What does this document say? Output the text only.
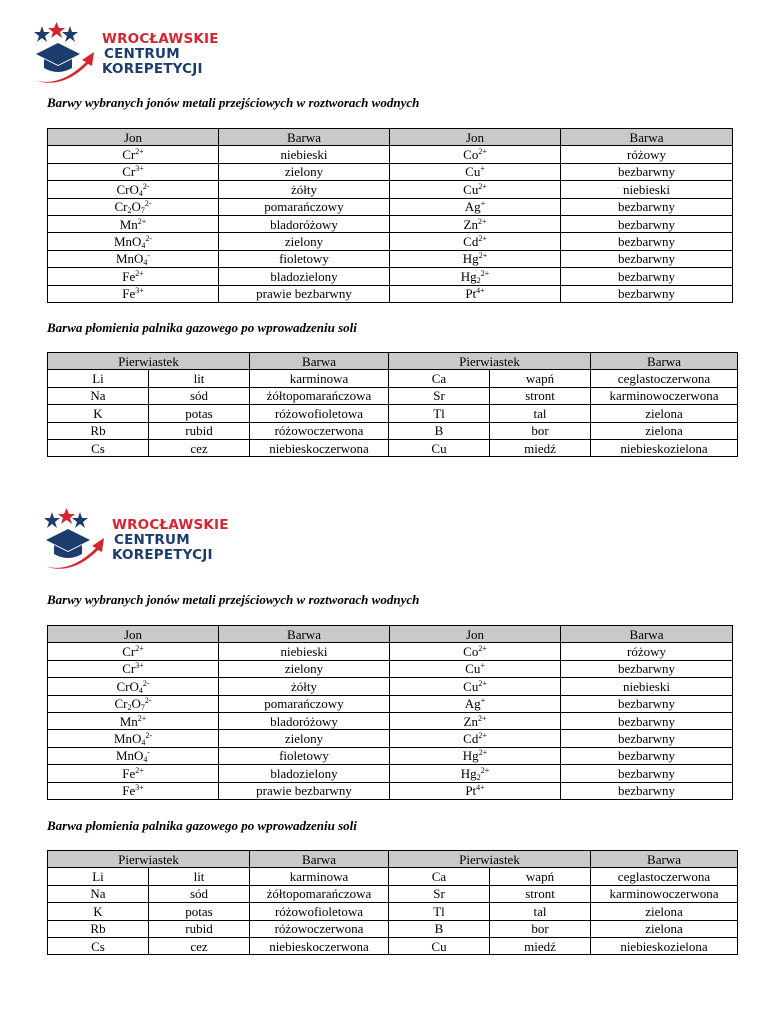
WROCŁAWSKIE
CENTRUM
KOREPETYCJI
Barwy wybranych jonów metali przejściowych w roztworach wodnych
Jon	Barwa	Jon	Barwa
$Cr^{2+}$	niebieski	$Co^{2+}$	różowy
$Cr^{3+}$	zielony	Cu+	bezbarwny
CrO$_4^{2-}$	żółty	$Cu^{2+}$	niebieski
$Cr_2O_7^{2-}$	pomarańczowy	Ag+	bezbarwny
$Mn^{2+}$	bladoróżowy	$Zn^{2+}$	bezbarwny
MnO$_4^{2-}$	zielony	$Cd^{2+}$	bezbarwny
MnO$_4$-	fioletowy	$Hg^{2+}$	bezbarwny
$Fe^{2+}$	bladozielony	$Hg_2^{2+}$	bezbarwny
$Fe^{3+}$	prawie bezbarwny	$Pt^{4+}$	bezbarwny
Barwa płomienia palnika gazowego po wprowadzeniu soli
Pierwiastek		Barwa	Pierwiastek		Barwa
Li	lit	karminowa	Ca	wapń	ceglastoczerwona
Na	sód	żółtopomarańczowa	Sr	stront	karminowoczerwona
K	potas	różowofioletowa	Tl	tal	zielona
Rb	rubid	różowoczerwona	B	bor	zielona
Cs	cez	niebieskoczerwona	Cu	miedź	niebieskozielona
WROCŁAWSKIE
CENTRUM
KOREPETYCJI
Barwy wybranych jonów metali przejściowych w roztworach wodnych
Jon	Barwa	Jon	Barwa
$Cr^{2+}$	niebieski	$Co^{2+}$	różowy
$Cr^{3+}$	zielony	Cu+	bezbarwny
CrO$_4^{2-}$	żółty	$Cu^{2+}$	niebieski
$Cr_2O_7^{2-}$	pomarańczowy	Ag+	bezbarwny
$Mn^{2+}$	bladoróżowy	$Zn^{2+}$	bezbarwny
MnO$_4^{2-}$	zielony	$Cd^{2+}$	bezbarwny
MnO$_4$-	fioletowy	$Hg^{2+}$	bezbarwny
$Fe^{2+}$	bladozielony	$Hg_2^{2+}$	bezbarwny
$Fe^{3+}$	prawie bezbarwny	$Pt^{4+}$	bezbarwny
Barwa płomienia palnika gazowego po wprowadzeniu soli
Pierwiastek		Barwa	Pierwiastek		Barwa
Li	lit	karminowa	Ca	wapń	ceglastoczerwona
Na	sód	żółtopomarańczowa	Sr	stront	karminowoczerwona
K	potas	różowofioletowa	Tl	tal	zielona
Rb	rubid	różowoczerwona	B	bor	zielona
Cs	cez	niebieskoczerwona	Cu	miedź	niebieskozielona
